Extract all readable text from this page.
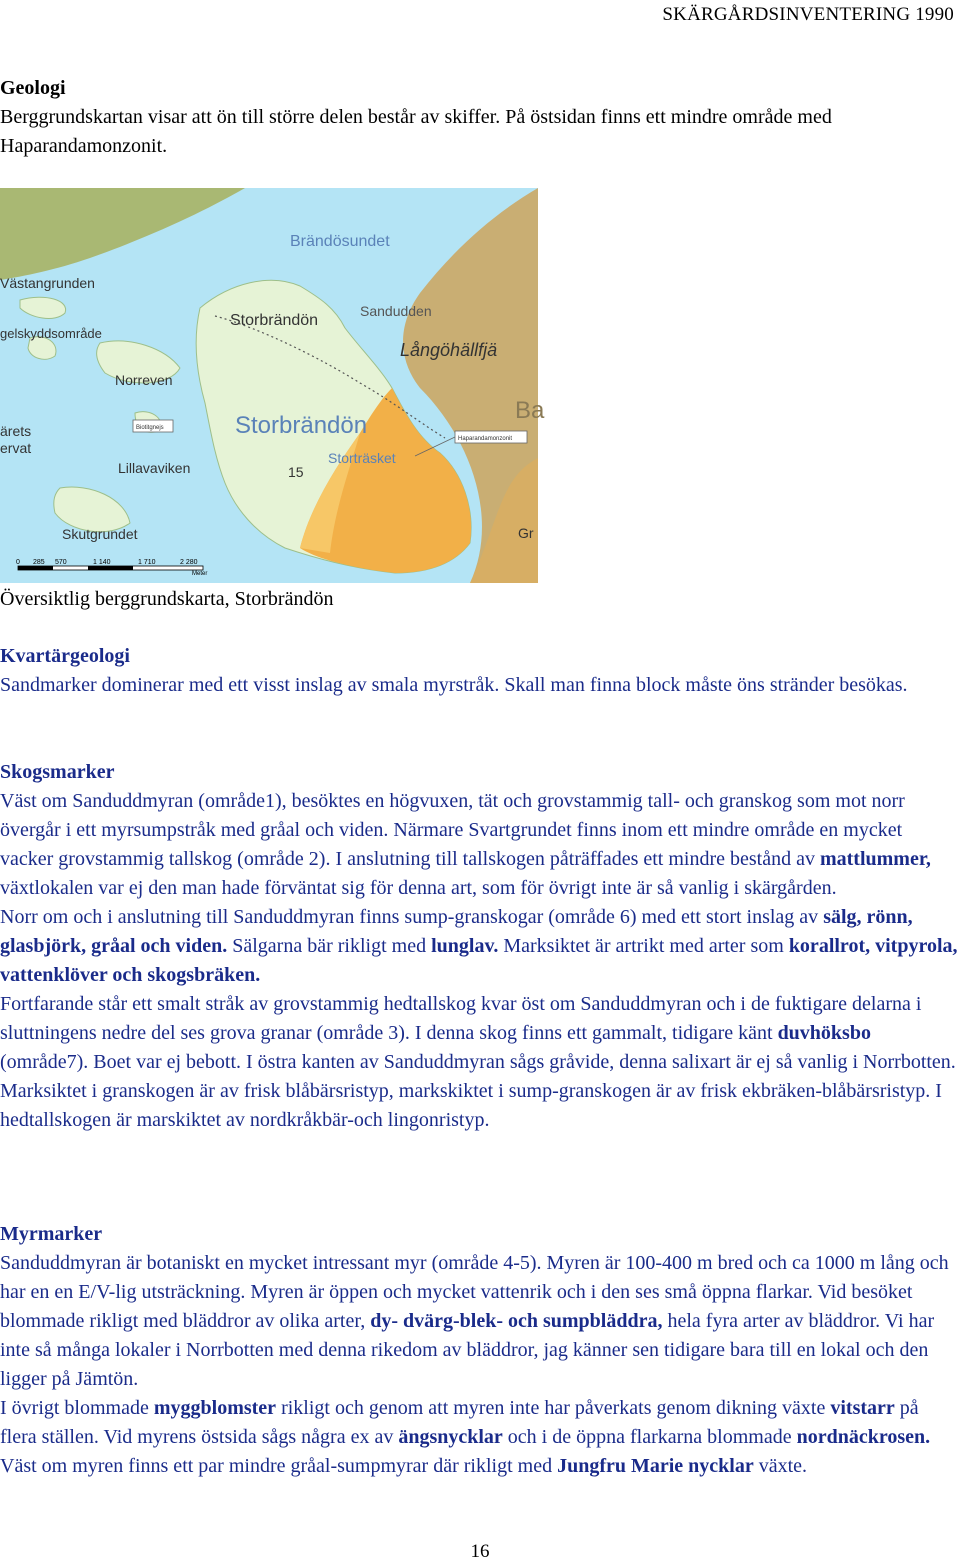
SKÄRGÅRDSINVENTERING 1990
Geologi
Berggrundskartan visar att ön till större delen består av skiffer. På östsidan finns ett mindre område med Haparandamonzonit.
Brändösundet
Västangrunden
Storbrändön
Sandudden
Långöhällfjä
gelskyddsområde
Norreven
ärets
ervat
Storbrändön
Ba
Biotitgnejs
Haparandamonzonit
Lillavaviken
Storträsket
15
Skutgrundet	Gr
0 285 570	1 140	1 710	2 280
Meter
Översiktlig berggrundskarta, Storbrändön
Kvartärgeologi
Sandmarker dominerar med ett visst inslag av smala myrstråk. Skall man finna block måste öns stränder besökas.
Skogsmarker
Väst om Sanduddmyran (område1), besöktes en högvuxen, tät och grovstammig tall- och granskog som mot norr övergår i ett myrsumpstråk med gråal och viden. Närmare Svartgrundet finns inom ett mindre område en mycket vacker grovstammig tallskog (område 2). I anslutning till tallskogen påträffades ett mindre bestånd av mattlummer, växtlokalen var ej den man hade förväntat sig för denna art, som för övrigt inte är så vanlig i skärgården.
Norr om och i anslutning till Sanduddmyran finns sump-granskogar (område 6) med ett stort inslag av sälg, rönn, glasbjörk, gråal och viden. Sälgarna bär rikligt med lunglav. Marksiktet är artrikt med arter som korallrot, vitpyrola, vattenklöver och skogsbräken.
Fortfarande står ett smalt stråk av grovstammig hedtallskog kvar öst om Sanduddmyran och i de fuktigare delarna i sluttningens nedre del ses grova granar (område 3). I denna skog finns ett gammalt, tidigare känt duvhöksbo (område7). Boet var ej bebott. I östra kanten av Sanduddmyran sågs gråvide, denna salixart är ej så vanlig i Norrbotten. Marksiktet i granskogen är av frisk blåbärsristyp, markskiktet i sump-granskogen är av frisk ekbräken-blåbärsristyp. I hedtallskogen är marskiktet av nordkråkbär-och lingonristyp.
Myrmarker
Sanduddmyran är botaniskt en mycket intressant myr (område 4-5). Myren är 100-400 m bred och ca 1000 m lång och har en en E/V-lig utsträckning. Myren är öppen och mycket vattenrik och i den ses små öppna flarkar. Vid besöket blommade rikligt med bläddror av olika arter, dy- dvärg-blek- och sumpbläddra, hela fyra arter av bläddror. Vi har inte så många lokaler i Norrbotten med denna rikedom av bläddror, jag känner sen tidigare bara till en lokal och den ligger på Jämtön.
I övrigt blommade myggblomster rikligt och genom att myren inte har påverkats genom dikning växte vitstarr på flera ställen. Vid myrens östsida sågs några ex av ängsnycklar och i de öppna flarkarna blommade nordnäckrosen. Väst om myren finns ett par mindre gråal-sumpmyrar där rikligt med Jungfru Marie nycklar växte.
16
